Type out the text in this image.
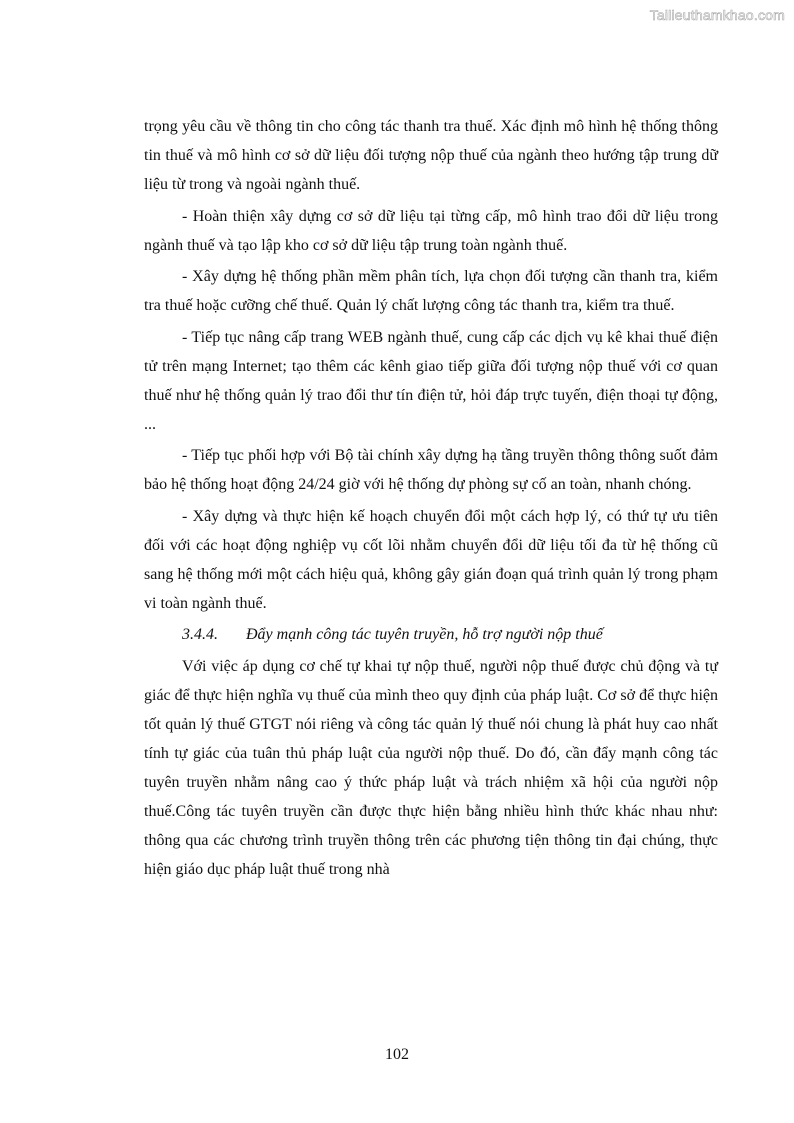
Tailieuthamkhao.com

trọng yêu cầu về thông tin cho công tác thanh tra thuế. Xác định mô hình hệ thống thông tin thuế và mô hình cơ sở dữ liệu đối tượng nộp thuế của ngành theo hướng tập trung dữ liệu từ trong và ngoài ngành thuế.

- Hoàn thiện xây dựng cơ sở dữ liệu tại từng cấp, mô hình trao đổi dữ liệu trong ngành thuế và tạo lập kho cơ sở dữ liệu tập trung toàn ngành thuế.

- Xây dựng hệ thống phần mềm phân tích, lựa chọn đối tượng cần thanh tra, kiểm tra thuế hoặc cưỡng chế thuế. Quản lý chất lượng công tác thanh tra, kiểm tra thuế.

- Tiếp tục nâng cấp trang WEB ngành thuế, cung cấp các dịch vụ kê khai thuế điện tử trên mạng Internet; tạo thêm các kênh giao tiếp giữa đối tượng nộp thuế với cơ quan thuế như hệ thống quản lý trao đổi thư tín điện tử, hỏi đáp trực tuyến, điện thoại tự động, ...

- Tiếp tục phối hợp với Bộ tài chính xây dựng hạ tầng truyền thông thông suốt đảm bảo hệ thống hoạt động 24/24 giờ với hệ thống dự phòng sự cố an toàn, nhanh chóng.

- Xây dựng và thực hiện kế hoạch chuyển đổi một cách hợp lý, có thứ tự ưu tiên đối với các hoạt động nghiệp vụ cốt lõi nhằm chuyển đổi dữ liệu tối đa từ hệ thống cũ sang hệ thống mới một cách hiệu quả, không gây gián đoạn quá trình quản lý trong phạm vi toàn ngành thuế.

3.4.4. Đẩy mạnh công tác tuyên truyền, hỗ trợ người nộp thuế

Với việc áp dụng cơ chế tự khai tự nộp thuế, người nộp thuế được chủ động và tự giác để thực hiện nghĩa vụ thuế của mình theo quy định của pháp luật. Cơ sở để thực hiện tốt quản lý thuế GTGT nói riêng và công tác quản lý thuế nói chung là phát huy cao nhất tính tự giác của tuân thủ pháp luật của người nộp thuế. Do đó, cần đẩy mạnh công tác tuyên truyền nhằm nâng cao ý thức pháp luật và trách nhiệm xã hội của người nộp thuế.Công tác tuyên truyền cần được thực hiện bằng nhiều hình thức khác nhau như: thông qua các chương trình truyền thông trên các phương tiện thông tin đại chúng, thực hiện giáo dục pháp luật thuế trong nhà

102
